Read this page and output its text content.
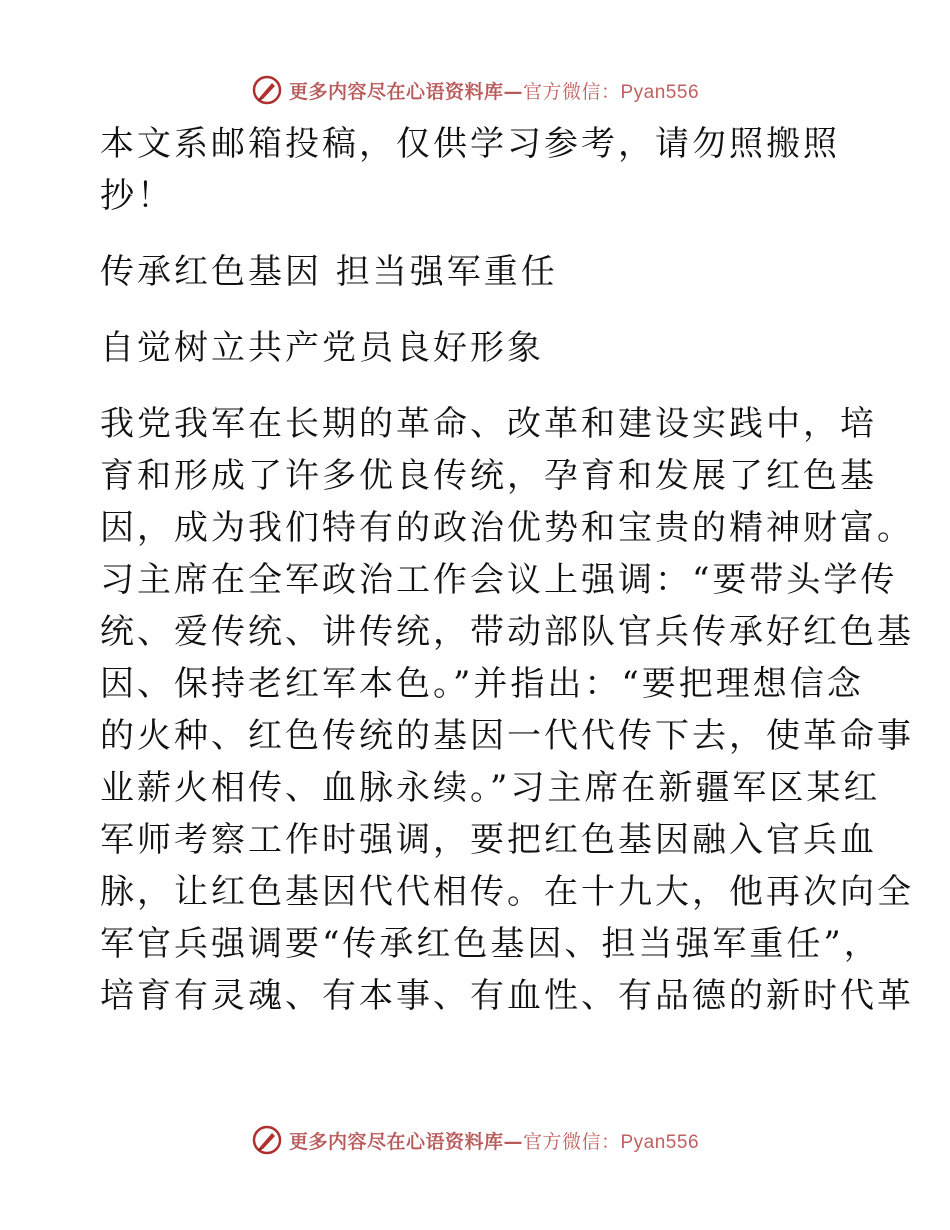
更多内容尽在心语资料库—官方微信：Pyan556
本文系邮箱投稿，仅供学习参考，请勿照搬照
抄！
传承红色基因 担当强军重任
自觉树立共产党员良好形象
我党我军在长期的革命、改革和建设实践中，培
育和形成了许多优良传统，孕育和发展了红色基
因，成为我们特有的政治优势和宝贵的精神财富。
习主席在全军政治工作会议上强调：“要带头学传
统、爱传统、讲传统，带动部队官兵传承好红色基
因、保持老红军本色。”并指出：“要把理想信念
的火种、红色传统的基因一代代传下去，使革命事
业薪火相传、血脉永续。”习主席在新疆军区某红
军师考察工作时强调，要把红色基因融入官兵血
脉，让红色基因代代相传。在十九大，他再次向全
军官兵强调要“传承红色基因、担当强军重任”，
培育有灵魂、有本事、有血性、有品德的新时代革
更多内容尽在心语资料库—官方微信：Pyan556
